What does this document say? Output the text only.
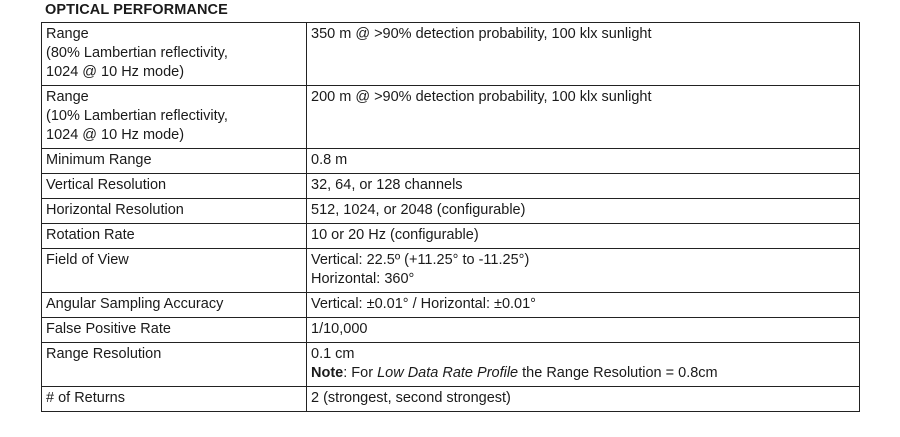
OPTICAL PERFORMANCE
Range
(80% Lambertian reflectivity,
1024 @ 10 Hz mode)	350 m @ >90% detection probability, 100 klx sunlight

Range
(10% Lambertian reflectivity,
1024 @ 10 Hz mode)	200 m @ >90% detection probability, 100 klx sunlight

Minimum Range	0.8 m
Vertical Resolution	32, 64, or 128 channels
Horizontal Resolution	512, 1024, or 2048 (configurable)
Rotation Rate	10 or 20 Hz (configurable)
Field of View	Vertical: 22.5º (+11.25° to -11.25°)
Horizontal: 360°

Angular Sampling Accuracy	Vertical: ±0.01° / Horizontal: ±0.01°
False Positive Rate	1/10,000
Range Resolution	0.1 cm
Note: For Low Data Rate Profile the Range Resolution = 0.8cm

# of Returns	2 (strongest, second strongest)
